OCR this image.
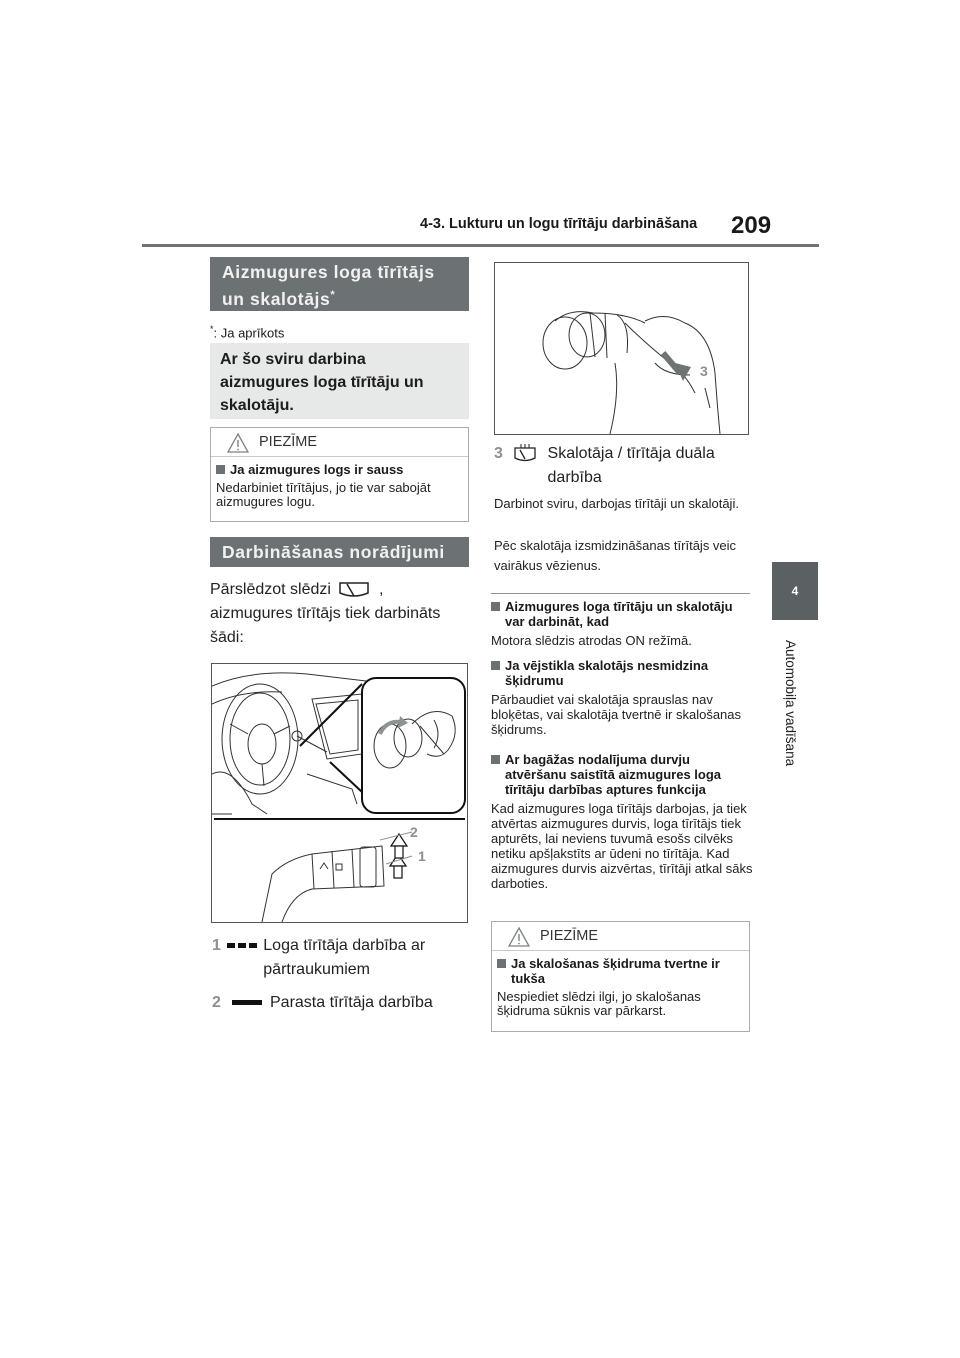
4-3. Lukturu un logu tīrītāju darbināšana 209
4
Automobiļa vadīšana
Aizmugures loga tīrītājs
un skalotājs*
*: Ja aprīkots
Ar šo sviru darbina aizmugures loga tīrītāju un skalotāju.
PIEZĪME
Ja aizmugures logs ir sauss
Nedarbiniet tīrītājus, jo tie var sabojāt aizmugures logu.
Darbināšanas norādījumi
Pārslēdzot slēdzi	,
aizmugures tīrītājs tiek darbināts šādi:
2
1
1	Loga tīrītāja darbība ar pārtraukumiem
2	Parasta tīrītāja darbība
3
3	Skalotāja / tīrītāja duāla darbība
Darbinot sviru, darbojas tīrītāji un skalotāji.
Pēc skalotāja izsmidzināšanas tīrītājs veic vairākus vēzienus.
Aizmugures loga tīrītāju un skalotāju var darbināt, kad
Motora slēdzis atrodas ON režīmā.
Ja vējstikla skalotājs nesmidzina šķidrumu
Pārbaudiet vai skalotāja sprauslas nav bloķētas, vai skalotāja tvertnē ir skalošanas šķidrums.
Ar bagāžas nodalījuma durvju atvēršanu saistītā aizmugures loga tīrītāju darbības aptures funkcija
Kad aizmugures loga tīrītājs darbojas, ja tiek atvērtas aizmugures durvis, loga tīrītājs tiek apturēts, lai neviens tuvumā esošs cilvēks netiku apšļakstīts ar ūdeni no tīrītāja. Kad aizmugures durvis aizvērtas, tīrītāji atkal sāks darboties.
PIEZĪME
Ja skalošanas šķidruma tvertne ir tukša
Nespiediet slēdzi ilgi, jo skalošanas šķidruma sūknis var pārkarst.
